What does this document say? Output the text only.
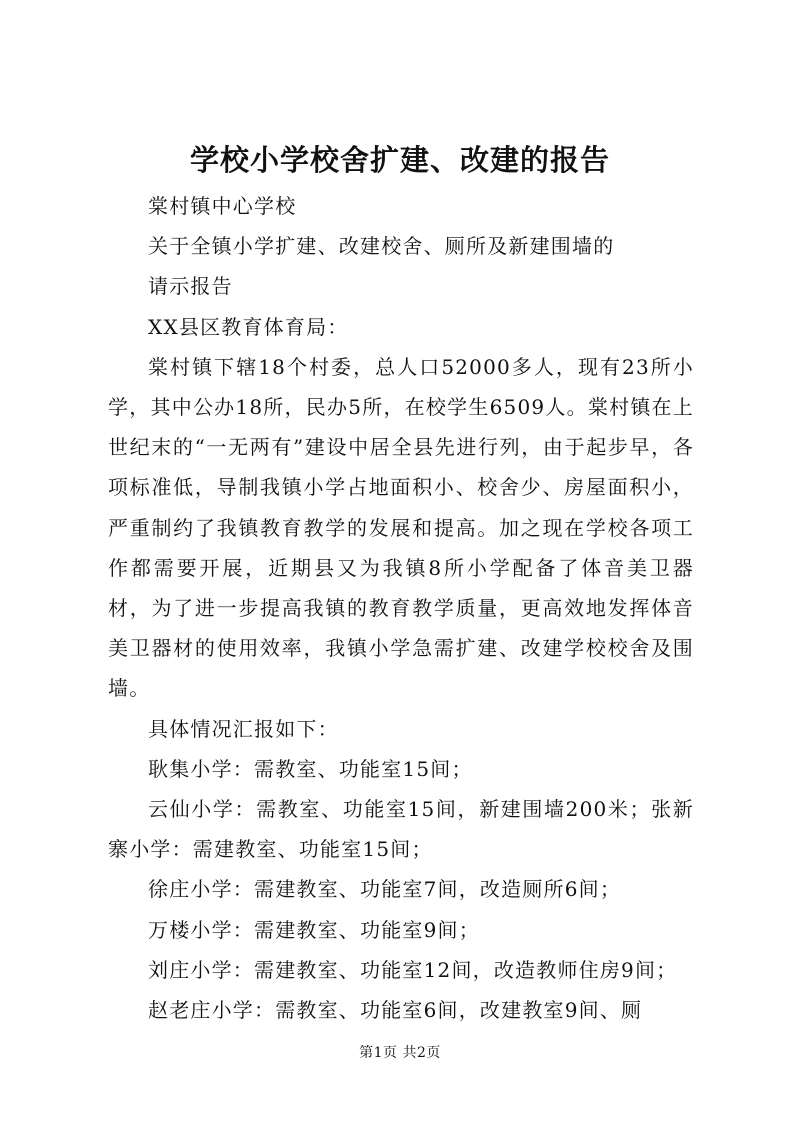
学校小学校舍扩建、改建的报告

棠村镇中心学校

关于全镇小学扩建、改建校舍、厕所及新建围墙的

请示报告

XX县区教育体育局：

棠村镇下辖18个村委，总人口52000多人，现有23所小学，其中公办18所，民办5所，在校学生6509人。棠村镇在上世纪末的“一无两有”建设中居全县先进行列，由于起步早，各项标准低，导制我镇小学占地面积小、校舍少、房屋面积小，严重制约了我镇教育教学的发展和提高。加之现在学校各项工作都需要开展，近期县又为我镇8所小学配备了体音美卫器材，为了进一步提高我镇的教育教学质量，更高效地发挥体音美卫器材的使用效率，我镇小学急需扩建、改建学校校舍及围墙。

具体情况汇报如下：

耿集小学：需教室、功能室15间；

云仙小学：需教室、功能室15间，新建围墙200米；张新寨小学：需建教室、功能室15间；

徐庄小学：需建教室、功能室7间，改造厕所6间；

万楼小学：需建教室、功能室9间；

刘庄小学：需建教室、功能室12间，改造教师住房9间；

赵老庄小学：需教室、功能室6间，改建教室9间、厕

第1页 共2页
